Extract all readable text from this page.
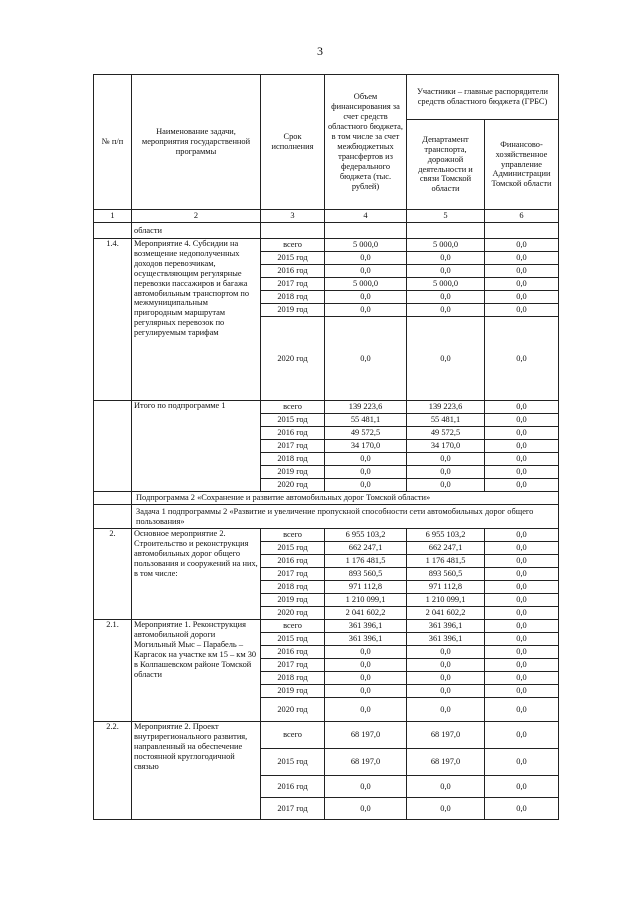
3
№ п/п	Наименование задачи, мероприятия государственной программы	Срок исполнения	Объем финансирования за счет средств областного бюджета, в том числе за счет межбюджетных трансфертов из федерального бюджета (тыс. рублей)	Участники – главные распорядители средств областного бюджета (ГРБС)	
				Департамент транспорта, дорожной деятельности и связи Томской области	Финансово-хозяйственное управление Администрации Томской области
1	2	3	4	5	6
	области				
1.4.	Мероприятие 4. Субсидии на возмещение недополученных доходов перевозчикам, осуществляющим регулярные перевозки пассажиров и багажа автомобильным транспортом по межмуниципальным пригородным маршрутам регулярных перевозок по регулируемым тарифам	всего	5 000,0	5 000,0	0,0
		2015 год	0,0	0,0	0,0
		2016 год	0,0	0,0	0,0
		2017 год	5 000,0	5 000,0	0,0
		2018 год	0,0	0,0	0,0
		2019 год	0,0	0,0	0,0
		2020 год	0,0	0,0	0,0
	Итого по подпрограмме 1	всего	139 223,6	139 223,6	0,0
		2015 год	55 481,1	55 481,1	0,0
		2016 год	49 572,5	49 572,5	0,0
		2017 год	34 170,0	34 170,0	0,0
		2018 год	0,0	0,0	0,0
		2019 год	0,0	0,0	0,0
		2020 год	0,0	0,0	0,0
	Подпрограмма 2 «Сохранение и развитие автомобильных дорог Томской области»				
	Задача 1 подпрограммы 2 «Развитие и увеличение пропускной способности сети автомобильных дорог общего пользования»				
2.	Основное мероприятие 2. Строительство и реконструкция автомобильных дорог общего пользования и сооружений на них, в том числе:	всего	6 955 103,2	6 955 103,2	0,0
		2015 год	662 247,1	662 247,1	0,0
		2016 год	1 176 481,5	1 176 481,5	0,0
		2017 год	893 560,5	893 560,5	0,0
		2018 год	971 112,8	971 112,8	0,0
		2019 год	1 210 099,1	1 210 099,1	0,0
		2020 год	2 041 602,2	2 041 602,2	0,0
2.1.	Мероприятие 1. Реконструкция автомобильной дороги Могильный Мыс – Парабель – Каргасок на участке км 15 – км 30 в Колпашевском районе Томской области	всего	361 396,1	361 396,1	0,0
		2015 год	361 396,1	361 396,1	0,0
		2016 год	0,0	0,0	0,0
		2017 год	0,0	0,0	0,0
		2018 год	0,0	0,0	0,0
		2019 год	0,0	0,0	0,0
		2020 год	0,0	0,0	0,0
2.2.	Мероприятие 2. Проект внутрирегионального развития, направленный на обеспечение постоянной круглогодичной связью	всего	68 197,0	68 197,0	0,0
		2015 год	68 197,0	68 197,0	0,0
		2016 год	0,0	0,0	0,0
		2017 год	0,0	0,0	0,0
